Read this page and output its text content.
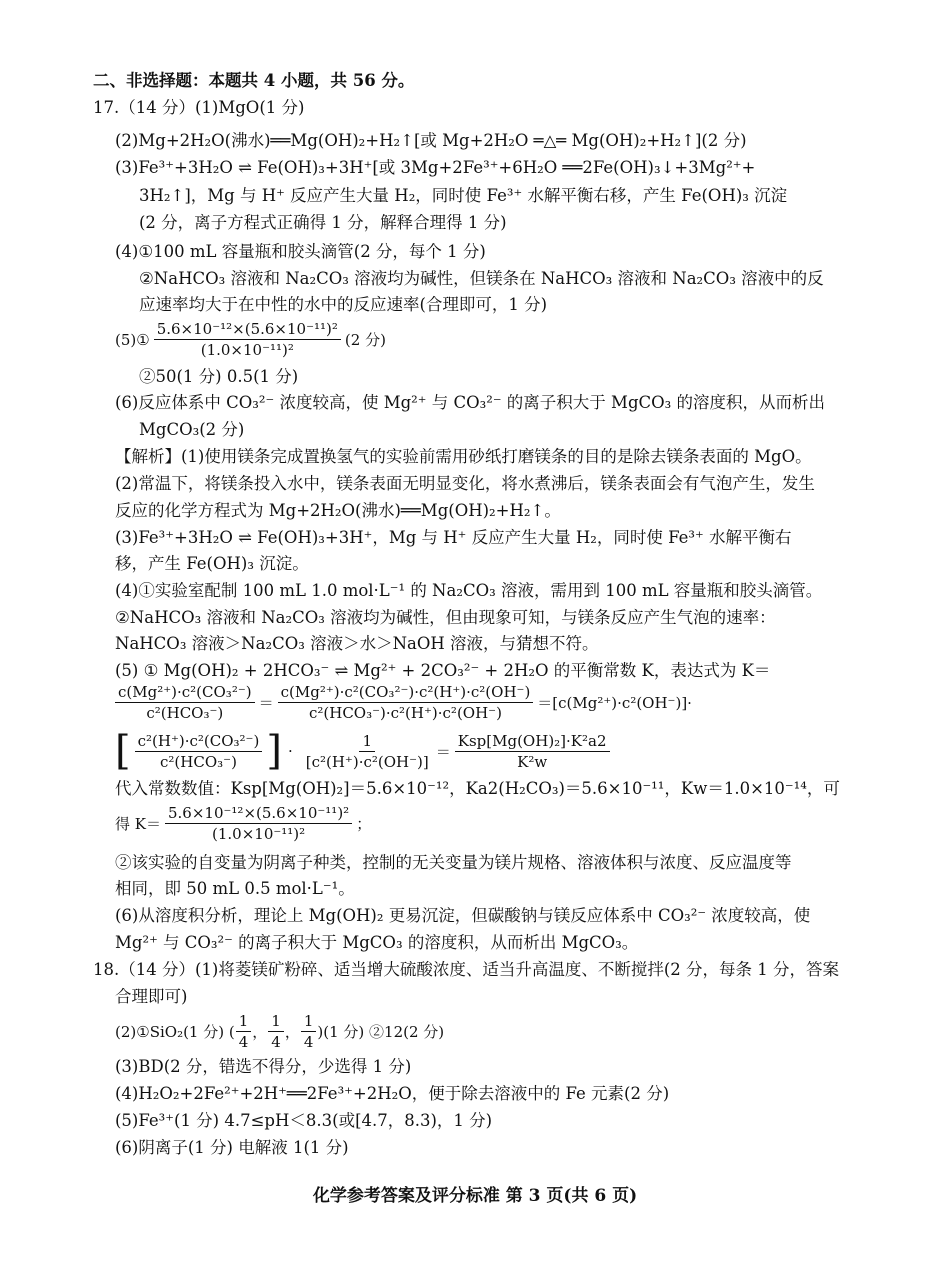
二、非选择题：本题共 4 小题，共 56 分。
17.（14 分）(1)MgO(1 分)
(2)Mg+2H₂O(沸水)══Mg(OH)₂+H₂↑[或 Mg+2H₂O ═△═ Mg(OH)₂+H₂↑](2 分)
(3)Fe³⁺+3H₂O ⇌ Fe(OH)₃+3H⁺[或 3Mg+2Fe³⁺+6H₂O ══2Fe(OH)₃↓+3Mg²⁺+
3H₂↑]，Mg 与 H⁺ 反应产生大量 H₂，同时使 Fe³⁺ 水解平衡右移，产生 Fe(OH)₃ 沉淀
(2 分，离子方程式正确得 1 分，解释合理得 1 分)
(4)①100 mL 容量瓶和胶头滴管(2 分，每个 1 分)
②NaHCO₃ 溶液和 Na₂CO₃ 溶液均为碱性，但镁条在 NaHCO₃ 溶液和 Na₂CO₃ 溶液中的反
应速率均大于在中性的水中的反应速率(合理即可，1 分)
(5)① $\frac{\text{5.6×10⁻¹²×(5.6×10⁻¹¹)²}}{\text{(1.0×10⁻¹¹)²}} (2$ 分)
②50(1 分) 0.5(1 分)
(6)反应体系中 CO₃²⁻ 浓度较高，使 Mg²⁺ 与 CO₃²⁻ 的离子积大于 MgCO₃ 的溶度积，从而析出
MgCO₃(2 分)
【解析】(1)使用镁条完成置换氢气的实验前需用砂纸打磨镁条的目的是除去镁条表面的 MgO。
(2)常温下，将镁条投入水中，镁条表面无明显变化，将水煮沸后，镁条表面会有气泡产生，发生
反应的化学方程式为 Mg+2H₂O(沸水)══Mg(OH)₂+H₂↑。
(3)Fe³⁺+3H₂O ⇌ Fe(OH)₃+3H⁺，Mg 与 H⁺ 反应产生大量 H₂，同时使 Fe³⁺ 水解平衡右
移，产生 Fe(OH)₃ 沉淀。
(4)①实验室配制 100 mL 1.0 mol·L⁻¹ 的 Na₂CO₃ 溶液，需用到 100 mL 容量瓶和胶头滴管。
②NaHCO₃ 溶液和 Na₂CO₃ 溶液均为碱性，但由现象可知，与镁条反应产生气泡的速率：
NaHCO₃ 溶液＞Na₂CO₃ 溶液＞水＞NaOH 溶液，与猜想不符。
(5) ① Mg(OH)₂ + 2HCO₃⁻ ⇌ Mg²⁺ + 2CO₃²⁻ + 2H₂O 的平衡常数 K，表达式为 K＝
$\frac{\text{c(Mg²⁺)·c²(CO₃²⁻)}}{\text{c²(HCO₃⁻)}} = \frac{\text{c(Mg²⁺)·c²(CO₃²⁻)·c²(H⁺)·c²(OH⁻)}}{\text{c²(HCO₃⁻)·c²(H⁺)·c²(OH⁻)}} =[c(Mg^{2+})\cdot c^2(OH^-)]\cdot$
[ $\frac{\text{c²(H⁺)·c²(CO₃²⁻)}}{\text{c²(HCO₃⁻)}}$ ] · $\frac{1}{\text{[c²(H⁺)·c²(OH⁻)]}} = \frac{\text{Ksp[Mg(OH)₂]·K²a2}}{\text{K²w}}$
代入常数数值：Ksp[Mg(OH)₂]＝5.6×10⁻¹²，Ka2(H₂CO₃)＝5.6×10⁻¹¹，Kw＝1.0×10⁻¹⁴，可
得 $K= \frac{\text{5.6×10⁻¹²×(5.6×10⁻¹¹)²}}{\text{(1.0×10⁻¹¹)²}}$ ；
②该实验的自变量为阴离子种类，控制的无关变量为镁片规格、溶液体积与浓度、反应温度等
相同，即 50 mL 0.5 mol·L⁻¹。
(6)从溶度积分析，理论上 Mg(OH)₂ 更易沉淀，但碳酸钠与镁反应体系中 CO₃²⁻ 浓度较高，使
Mg²⁺ 与 CO₃²⁻ 的离子积大于 MgCO₃ 的溶度积，从而析出 MgCO₃。
18.（14 分）(1)将菱镁矿粉碎、适当增大硫酸浓度、适当升高温度、不断搅拌(2 分，每条 1 分，答案
合理即可)
(2)①SiO₂(1 分) ( $\frac{1}{4}$ ， $\frac{1}{4}$ ， $\frac{1}{4} )(1$ 分) ②12(2 分)
(3)BD(2 分，错选不得分，少选得 1 分)
(4)H₂O₂+2Fe²⁺+2H⁺══2Fe³⁺+2H₂O，便于除去溶液中的 Fe 元素(2 分)
(5)Fe³⁺(1 分) 4.7≤pH＜8.3(或[4.7，8.3)，1 分)
(6)阴离子(1 分) 电解液 1(1 分)
化学参考答案及评分标准 第 3 页(共 6 页)
